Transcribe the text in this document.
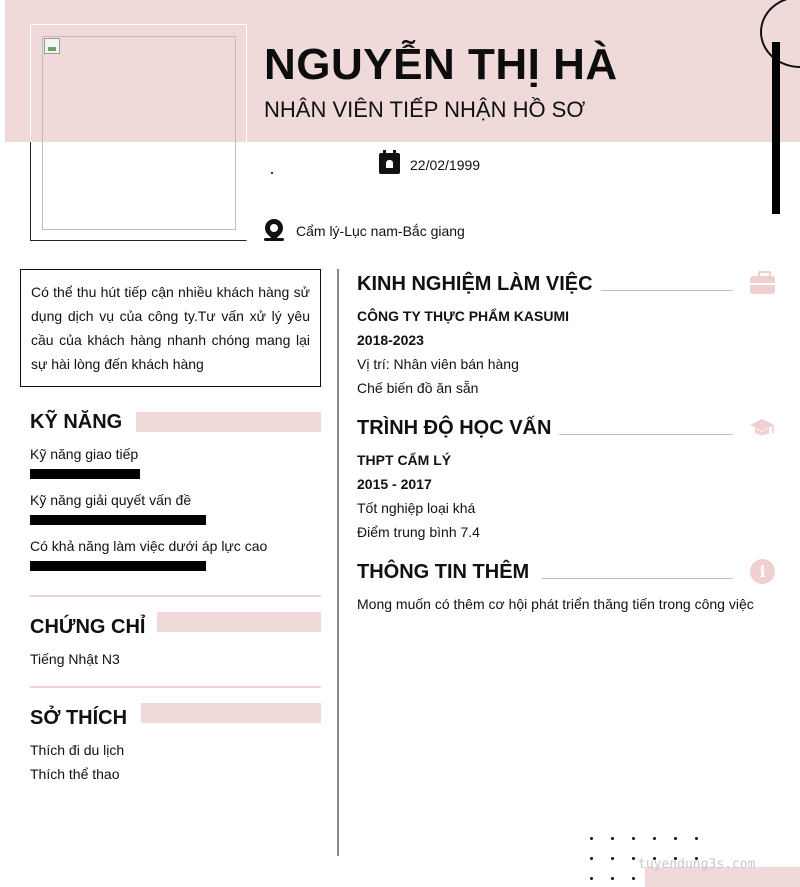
NGUYỄN THỊ HÀ
NHÂN VIÊN TIẾP NHẬN HỒ SƠ
22/02/1999
Cẩm lý-Lục nam-Bắc giang
Có thể thu hút tiếp cận nhiều khách hàng sử dụng dịch vụ của công ty.Tư vấn xử lý yêu cầu của khách hàng nhanh chóng mang lại sự hài lòng đến khách hàng
KỸ NĂNG
Kỹ năng giao tiếp
Kỹ năng giải quyết vấn đề
Có khả năng làm việc dưới áp lực cao
CHỨNG CHỈ
Tiếng Nhật N3
SỞ THÍCH
Thích đi du lịch
Thích thể thao
KINH NGHIỆM LÀM VIỆC
CÔNG TY THỰC PHẨM KASUMI
2018-2023
Vị trí: Nhân viên bán hàng
Chế biến đồ ăn sẵn
TRÌNH ĐỘ HỌC VẤN
THPT CẨM LÝ
2015 - 2017
Tốt nghiệp loại khá
Điểm trung bình 7.4
THÔNG TIN THÊM	i
Mong muốn có thêm cơ hội phát triển thăng tiến trong công việc
tuyendung3s.com
